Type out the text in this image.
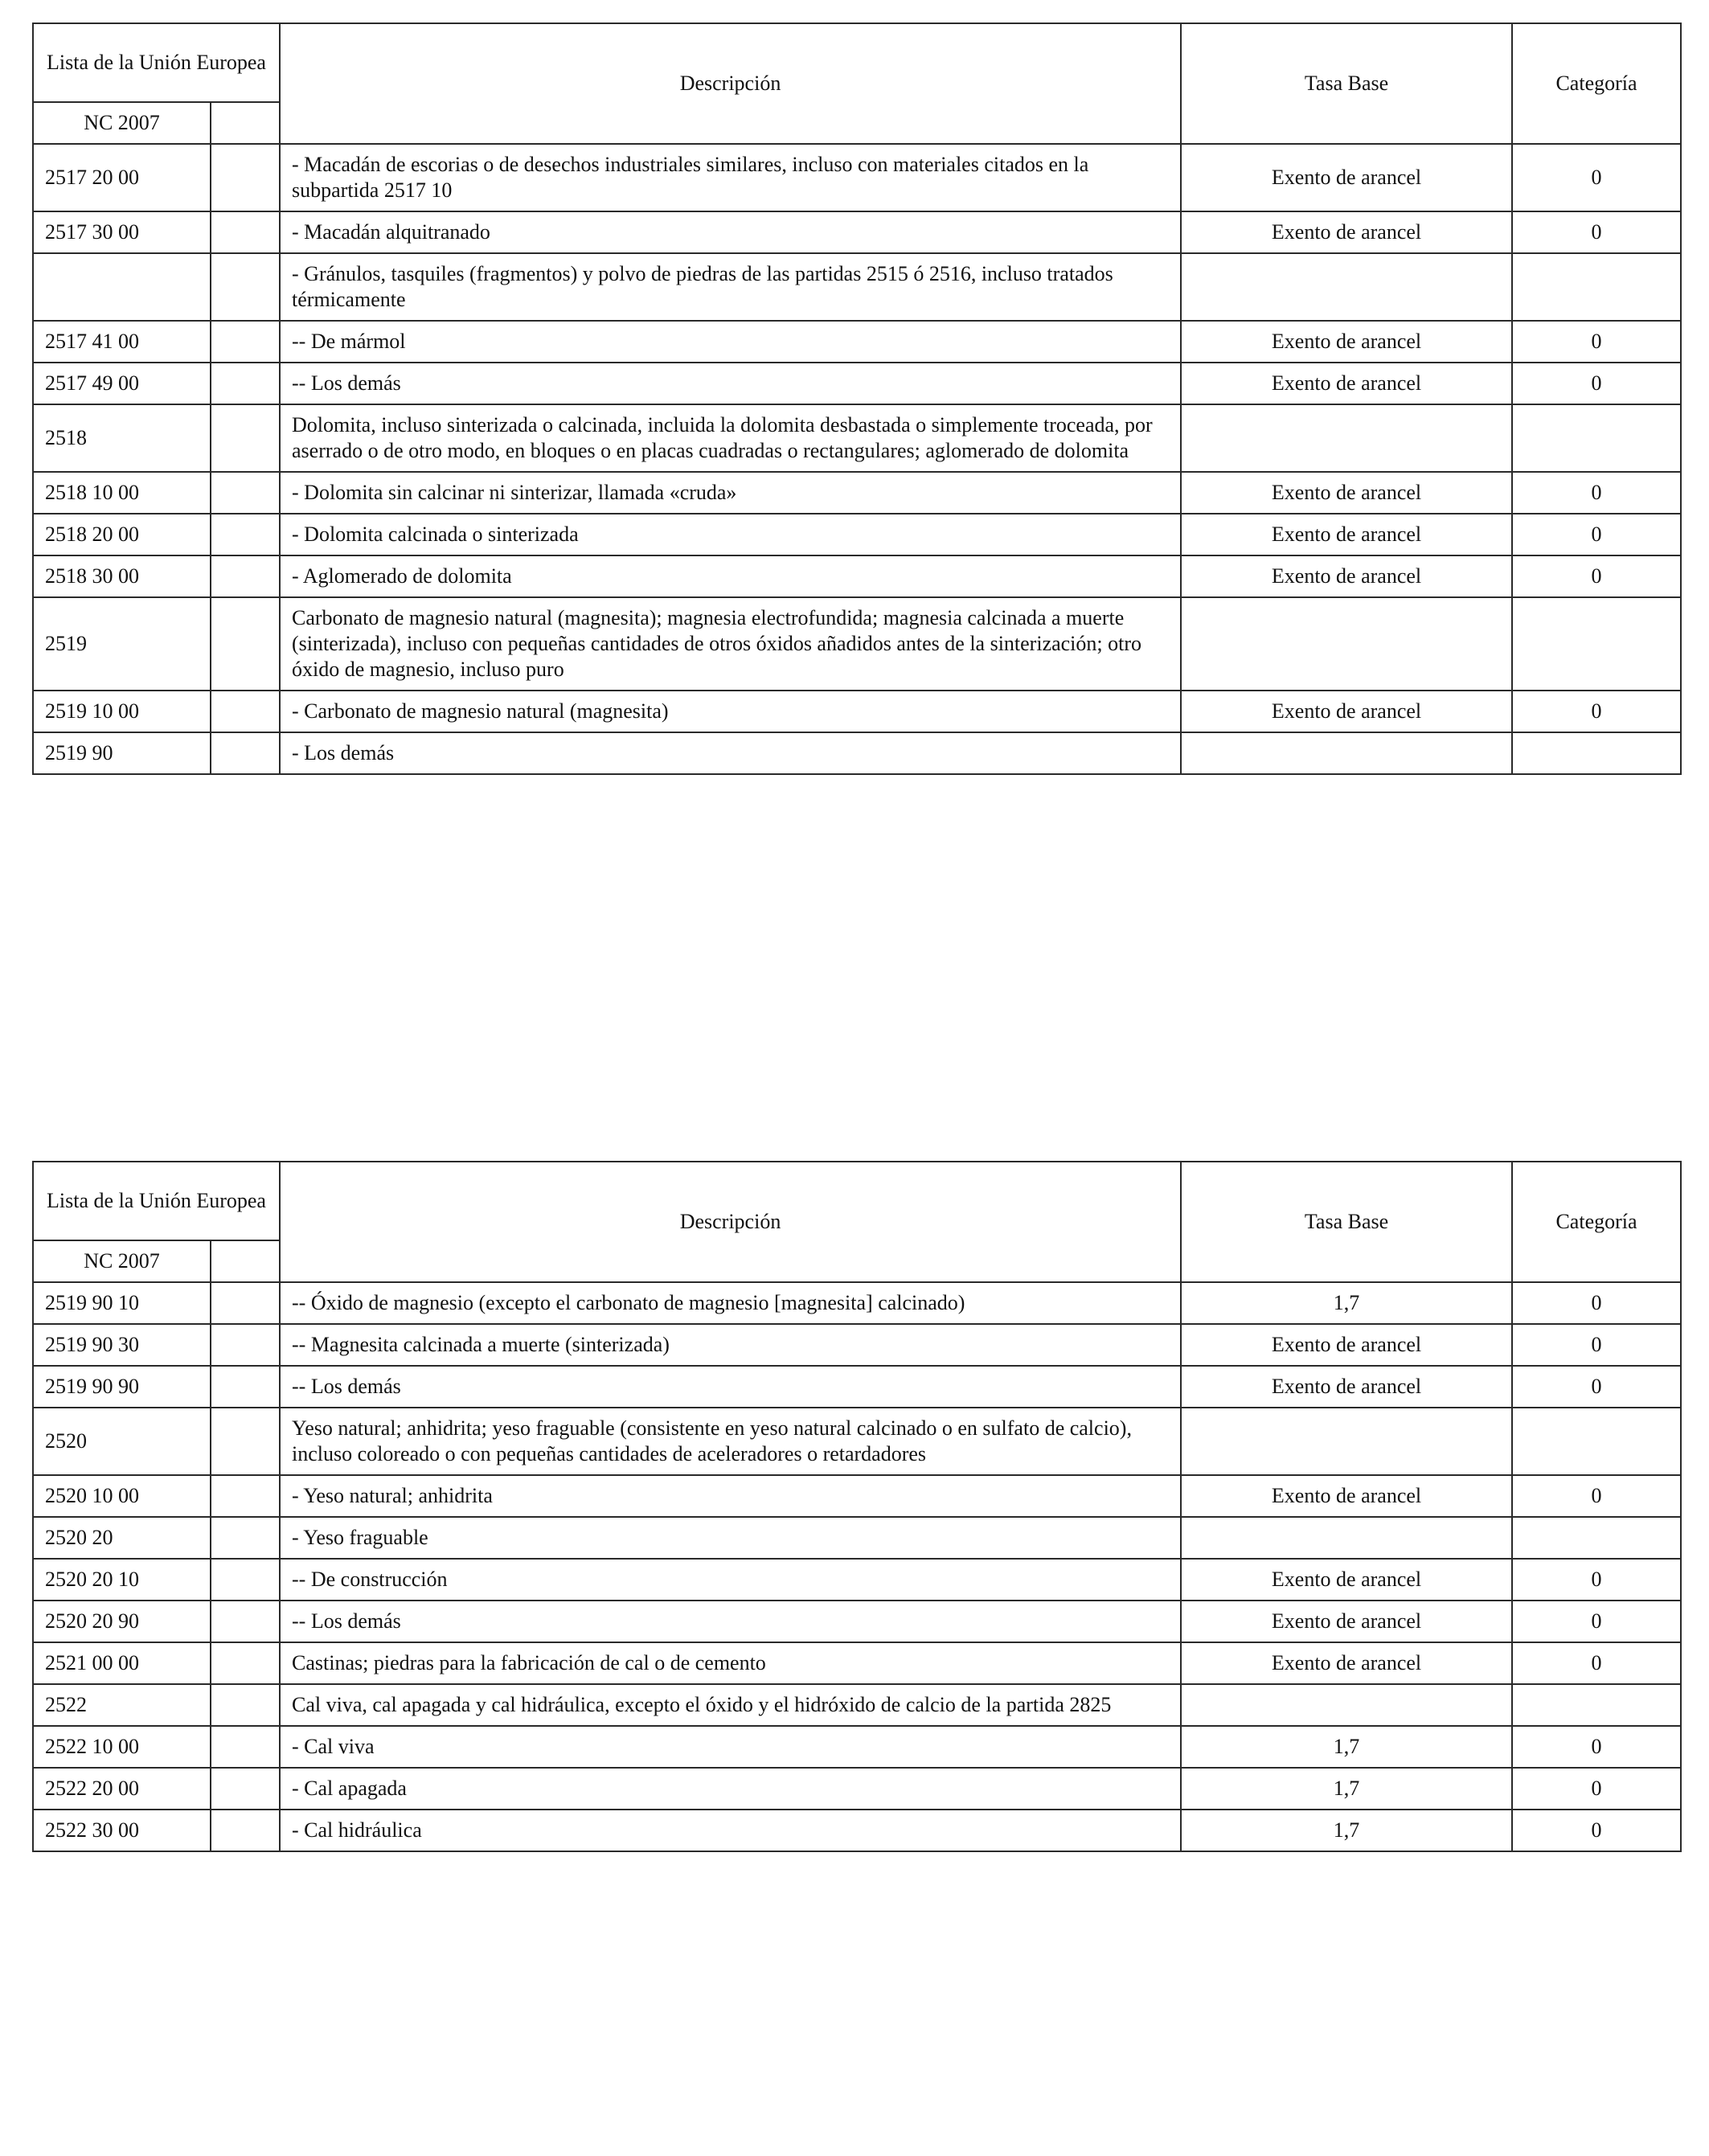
Lista de la Unión Europea		Descripción	Tasa Base	Categoría
NC 2007				
2517 20 00		- Macadán de escorias o de desechos industriales similares, incluso con materiales citados en la subpartida 2517 10	Exento de arancel	0
2517 30 00		- Macadán alquitranado	Exento de arancel	0
		- Gránulos, tasquiles (fragmentos) y polvo de piedras de las partidas 2515 ó 2516, incluso tratados térmicamente		
2517 41 00		-- De mármol	Exento de arancel	0
2517 49 00		-- Los demás	Exento de arancel	0
2518		Dolomita, incluso sinterizada o calcinada, incluida la dolomita desbastada o simplemente troceada, por aserrado o de otro modo, en bloques o en placas cuadradas o rectangulares; aglomerado de dolomita		
2518 10 00		- Dolomita sin calcinar ni sinterizar, llamada «cruda»	Exento de arancel	0
2518 20 00		- Dolomita calcinada o sinterizada	Exento de arancel	0
2518 30 00		- Aglomerado de dolomita	Exento de arancel	0
2519		Carbonato de magnesio natural (magnesita); magnesia electrofundida; magnesia calcinada a muerte (sinterizada), incluso con pequeñas cantidades de otros óxidos añadidos antes de la sinterización; otro óxido de magnesio, incluso puro		
2519 10 00		- Carbonato de magnesio natural (magnesita)	Exento de arancel	0
2519 90		- Los demás		
Lista de la Unión Europea		Descripción	Tasa Base	Categoría
NC 2007				
2519 90 10		-- Óxido de magnesio (excepto el carbonato de magnesio [magnesita] calcinado)	1,7	0
2519 90 30		-- Magnesita calcinada a muerte (sinterizada)	Exento de arancel	0
2519 90 90		-- Los demás	Exento de arancel	0
2520		Yeso natural; anhidrita; yeso fraguable (consistente en yeso natural calcinado o en sulfato de calcio), incluso coloreado o con pequeñas cantidades de aceleradores o retardadores		
2520 10 00		- Yeso natural; anhidrita	Exento de arancel	0
2520 20		- Yeso fraguable		
2520 20 10		-- De construcción	Exento de arancel	0
2520 20 90		-- Los demás	Exento de arancel	0
2521 00 00		Castinas; piedras para la fabricación de cal o de cemento	Exento de arancel	0
2522		Cal viva, cal apagada y cal hidráulica, excepto el óxido y el hidróxido de calcio de la partida 2825		
2522 10 00		- Cal viva	1,7	0
2522 20 00		- Cal apagada	1,7	0
2522 30 00		- Cal hidráulica	1,7	0
